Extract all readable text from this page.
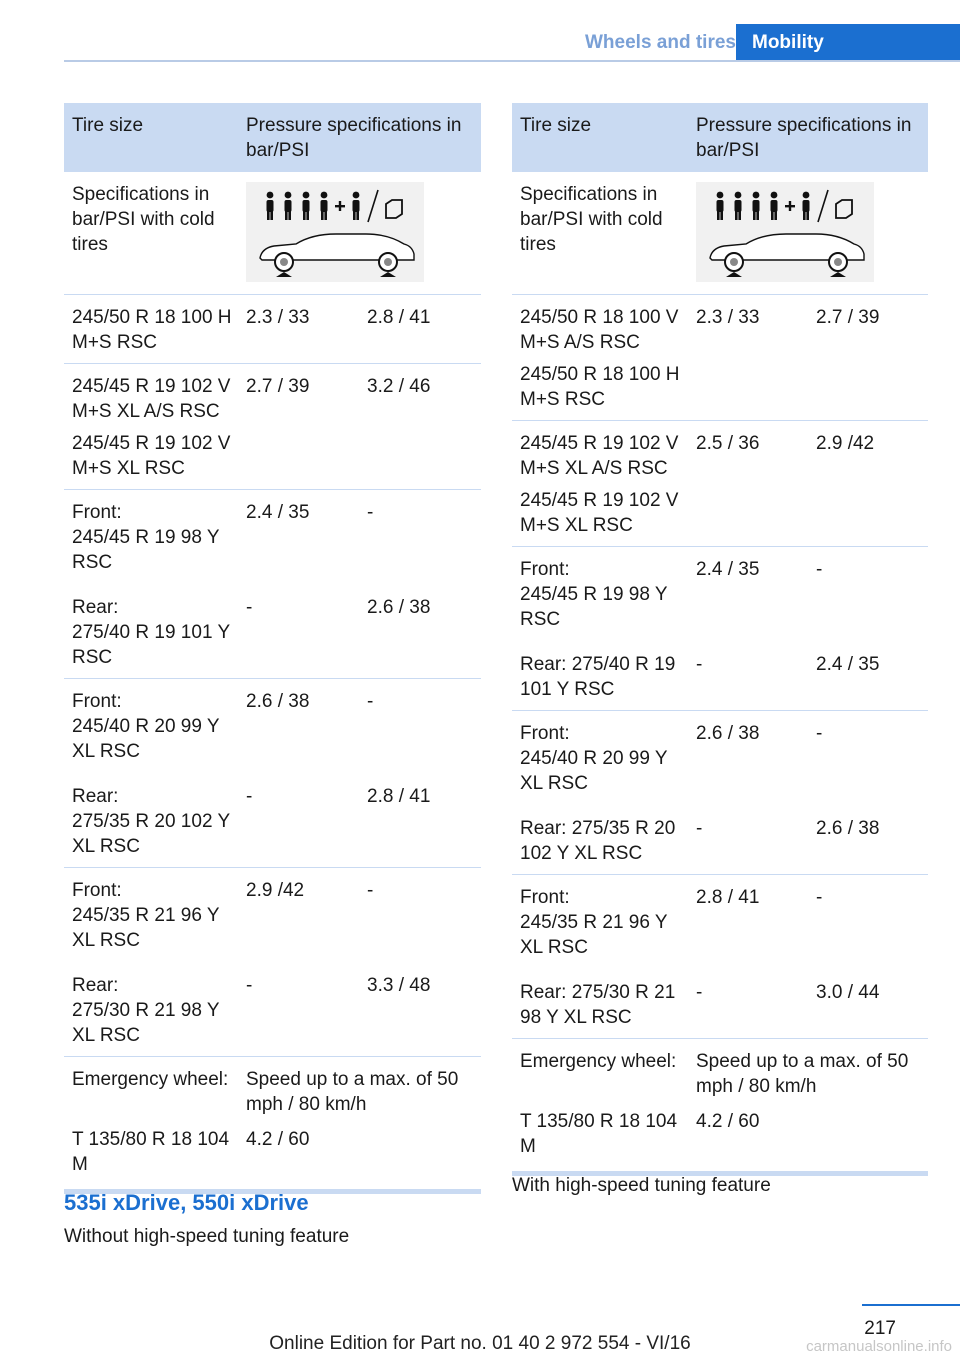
Wheels and tires Mobility
Tire size	Pressure specifications in bar/PSI	
Specifications in bar/PSI with cold tires	

245/50 R 18 100 H M+S RSC	2.3 / 33	2.8 / 41

245/45 R 19 102 V M+S XL A/S RSC
245/45 R 19 102 V M+S XL RSC	2.7 / 39	3.2 / 46

Front:
245/45 R 19 98 Y RSC	2.4 / 35	-

Rear:
275/40 R 19 101 Y RSC	-	2.6 / 38

Front:
245/40 R 20 99 Y XL RSC	2.6 / 38	-

Rear:
275/35 R 20 102 Y XL RSC	-	2.8 / 41

Front:
245/35 R 21 96 Y XL RSC	2.9 /42	-

Rear:
275/30 R 21 98 Y XL RSC	-	3.3 / 48
Emergency wheel:	Speed up to a max. of 50 mph / 80 km/h	
T 135/80 R 18 104 M	4.2 / 60	
Tire size	Pressure specifications in bar/PSI	
Specifications in bar/PSI with cold tires	

245/50 R 18 100 V M+S A/S RSC
245/50 R 18 100 H M+S RSC	2.3 / 33	2.7 / 39

245/45 R 19 102 V M+S XL A/S RSC
245/45 R 19 102 V M+S XL RSC	2.5 / 36	2.9 /42

Front:
245/45 R 19 98 Y RSC	2.4 / 35	-

Rear: 275/40 R 19 101 Y RSC	-	2.4 / 35

Front:
245/40 R 20 99 Y XL RSC	2.6 / 38	-

Rear: 275/35 R 20 102 Y XL RSC	-	2.6 / 38

Front:
245/35 R 21 96 Y XL RSC	2.8 / 41	-

Rear: 275/30 R 21 98 Y XL RSC	-	3.0 / 44
Emergency wheel:	Speed up to a max. of 50 mph / 80 km/h	
T 135/80 R 18 104 M	4.2 / 60	
535i xDrive, 550i xDrive
Without high-speed tuning feature
With high-speed tuning feature
217
Online Edition for Part no. 01 40 2 972 554 - VI/16	carmanualsonline.info
